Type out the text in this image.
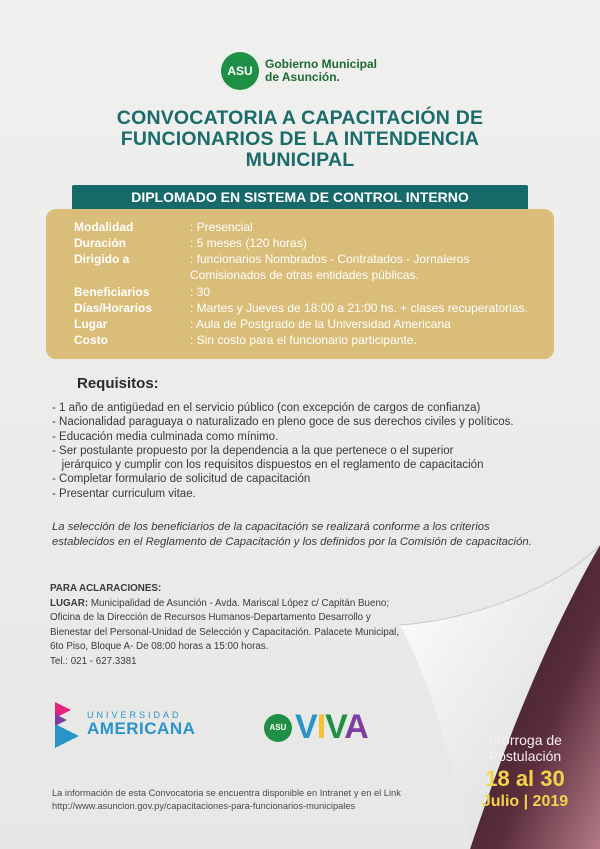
ASU	Gobierno Municipal
de Asunción.
CONVOCATORIA A CAPACITACIÓN DE
FUNCIONARIOS DE LA INTENDENCIA
MUNICIPAL
DIPLOMADO EN SISTEMA DE CONTROL INTERNO
Modalidad	: Presencial
Duración	: 5 meses (120 horas)
Dirigido a	: funcionarios Nombrados - Contratados - Jornaleros
Comisionados de otras entidades públicas.
Beneficiarios	: 30
Días/Horarios	: Martes y Jueves de 18:00 a 21:00 hs. + clases recuperatorias.
Lugar	: Aula de Postgrado de la Universidad Americana
Costo	: Sin costo para el funcionario participante.
Requisitos:
- 1 año de antigüedad en el servicio público (con excepción de cargos de confianza)
- Nacionalidad paraguaya o naturalizado en pleno goce de sus derechos civiles y políticos.
- Educación media culminada como mínimo.
- Ser postulante propuesto por la dependencia a la que pertenece o el superior
jerárquico y cumplir con los requisitos dispuestos en el reglamento de capacitación
- Completar formulario de solicitud de capacitación
- Presentar curriculum vitae.
La selección de los beneficiarios de la capacitación se realizará conforme a los criterios establecidos en el Reglamento de Capacitación y los definidos por la Comisión de capacitación.
PARA ACLARACIONES:
LUGAR: Municipalidad de Asunción - Avda. Mariscal López c/ Capitán Bueno; Oficina de la Dirección de Recursos Humanos-Departamento Desarrollo y Bienestar del Personal-Unidad de Selección y Capacitación. Palacete Municipal, 6to Piso, Bloque A- De 08:00 horas a 15:00 horas.
Tel.: 021 - 627.3381
UNIVERSIDAD
AMERICANA	ASU VIVA
La información de esta Convocatoria se encuentra disponible en Intranet y en el Link http://www.asuncion.gov.py/capacitaciones-para-funcionarios-municipales
Prórroga de
Postulación
18 al 30
Julio | 2019
